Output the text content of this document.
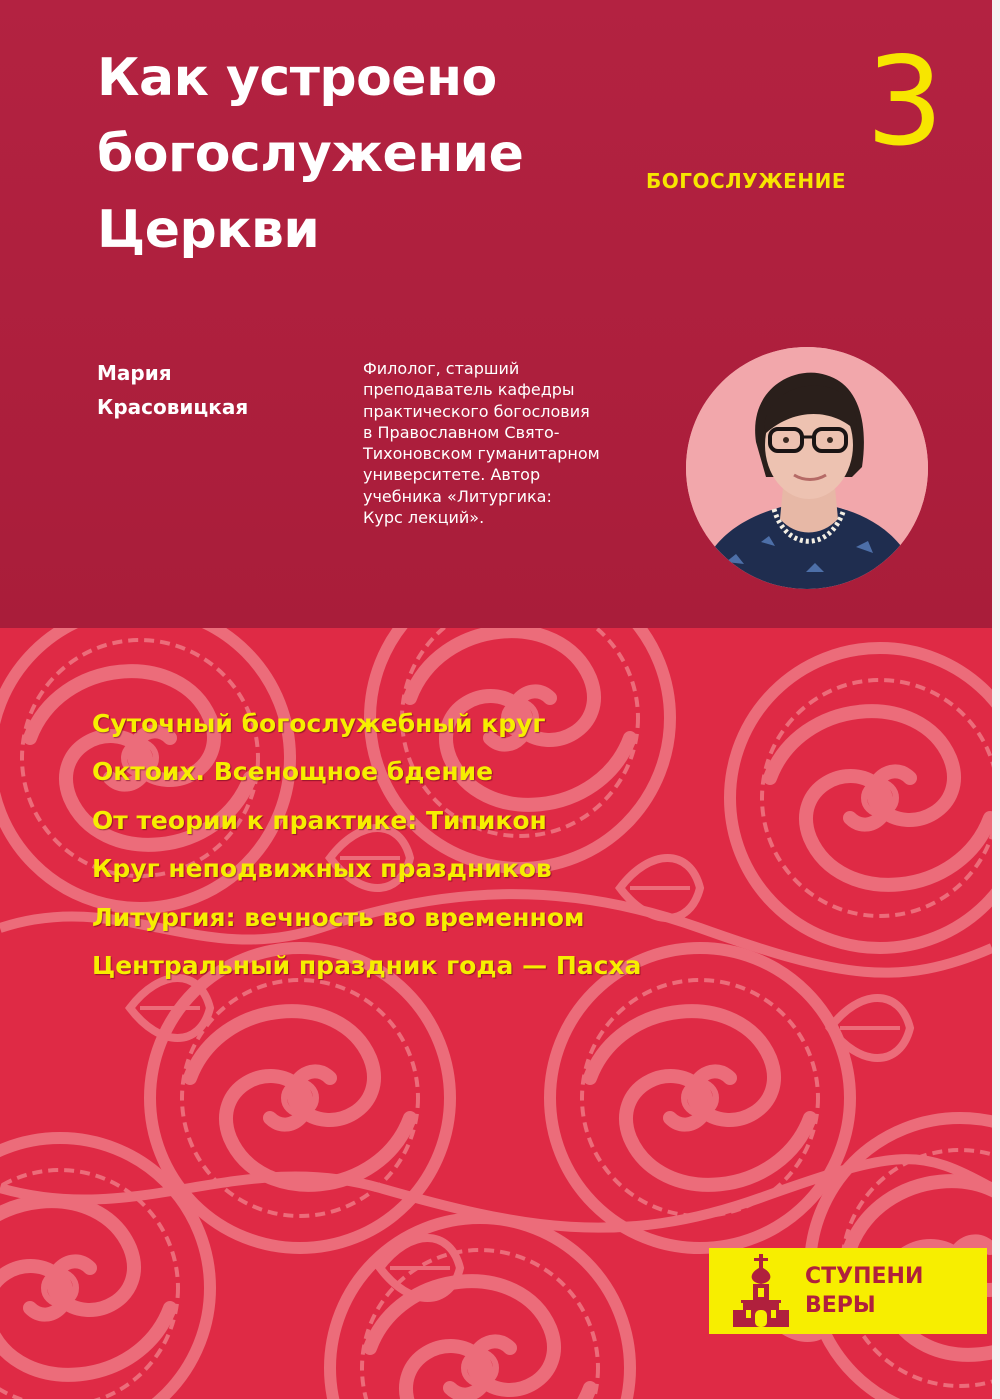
Как устроено
богослужение
Церкви
3
БОГОСЛУЖЕНИЕ
Мария
Красовицкая
Филолог, старший
преподаватель кафедры
практического богословия
в Православном Свято-
Тихоновском гуманитарном
университете. Автор
учебника «Литургика:
Курс лекций».
Суточный богослужебный круг
Октоих. Всенощное бдение
От теории к практике: Типикон
Круг неподвижных праздников
Литургия: вечность во временном
Центральный праздник года — Пасха
СТУПЕНИ
ВЕРЫ
